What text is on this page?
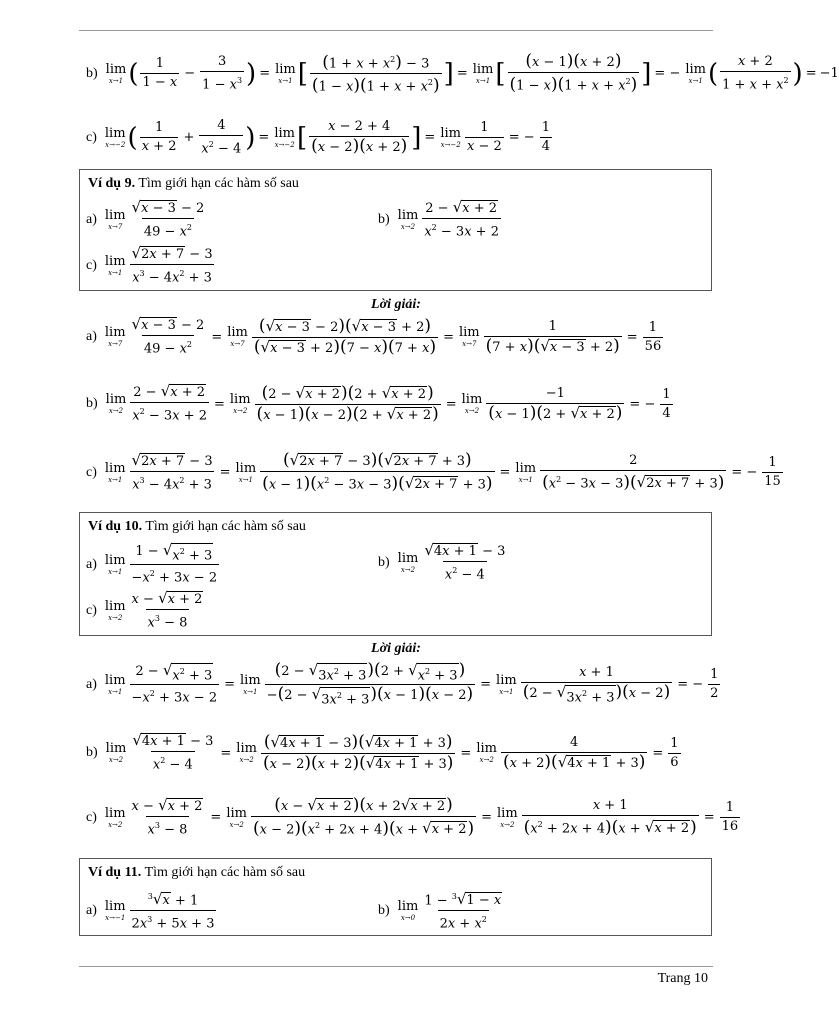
b) lim
x→1 ( 1
1 − x
− $\frac{3}{1 - x^3}$ ) = lim
x→1 [ $(1 + x + x^2) - 3$
$(1 - x)(1 + x + x^2)$ ] = lim
x→1 [ (x − 1)(x + 2)
$(1 - x)(1 + x + x^2)$ ] = − lim
x→1 ( x + 2
$1 + x + x^2$ ) = −1
c) lim
x→−2 ( 1
x + 2
+ $\frac{4}{x^2 - 4}$ ) = lim
x→−2 [ x − 2 + 4
(x − 2)(x + 2) ] = lim
$x\to-2 \frac{1}{x - 2}$ = − $\frac{1}{4}$
Ví dụ 9. Tìm giới hạn các hàm số sau
a) lim
x→7
√ x − 3 − 2
$49 - x^2$
b) lim
x→2
2 − √ x + 2
$x^2 - 3x + 2$
c) lim
x→1
√ 2x + 7 − 3
$x^3 - 4x^2 + 3$
Lời giải:
a) lim
$x\to 7 \frac{√ x - 3 - 2}{49 - x^2} = \lim$
$x\to 7 \frac{( √ x - 3 - 2)( √ x - 3 + 2)}{( √ x - 3 + 2)(7 - x)(7 + x)} = \lim$
$x\to 7 \frac{1}{(7 + x)( √ x - 3 + 2)} = \frac{1}{56}$
b) lim
$x\to 2 \frac{2 - √ x + 2}{x^2 - 3x + 2} = \lim$
$x\to 2 \frac{(2 - √ x + 2 )(2 + √ x + 2 )}{(x - 1)(x - 2)(2 + √ x + 2 )} = \lim$
$x\to 2 \frac{-1}{(x - 1)(2 + √ x + 2 )}$ = − $\frac{1}{4}$
c) lim
$x\to 1 \frac{√ 2x + 7 - 3}{x^3 - 4x^2 + 3} = \lim$
$x\to 1 \frac{( √ 2x + 7 - 3)( √ 2x + 7 + 3)}{(x - 1)(x^2 - 3x - 3)( √ 2x + 7 + 3)} = \lim$
$x\to 1 \frac{2}{(x^2 - 3x - 3)( √ 2x + 7 + 3)}$ = − $\frac{1}{15}$
Ví dụ 10. Tìm giới hạn các hàm số sau
a) lim
x→1
1 − √ $x^2 + 3$
$-x^2 + 3x - 2$
b) lim
x→2
√ 4x + 1 − 3
$x^2 - 4$
c) lim
x→2
x − √ x + 2
$x^3 - 8$
Lời giải:
a) lim
$x\to 1 \frac{2 - √ x^2 + 3}{-x^2 + 3x - 2} = \lim$
$x\to 1 \frac{(2 - √ 3x^2 + 3 )(2 + √ x^2 + 3 )}{-(2 - √ 3x^2 + 3 )(x - 1)(x - 2)} = \lim$
$x\to 1 \frac{x + 1}{(2 - √ 3x^2 + 3 )(x - 2)}$ = − $\frac{1}{2}$
b) lim
$x\to 2 \frac{√ 4x + 1 - 3}{x^2 - 4} = \lim$
$x\to 2 \frac{( √ 4x + 1 - 3)( √ 4x + 1 + 3)}{(x - 2)(x + 2)( √ 4x + 1 + 3)} = \lim$
$x\to 2 \frac{4}{(x + 2)( √ 4x + 1 + 3)} = \frac{1}{6}$
c) lim
$x\to 2 \frac{x - √ x + 2}{x^3 - 8} = \lim$
$x\to 2 \frac{(x - √ x + 2 )(x + 2 √ x + 2 )}{(x - 2)(x^2 + 2x + 4)(x + √ x + 2 )} = \lim$
$x\to 2 \frac{x + 1}{(x^2 + 2x + 4)(x + √ x + 2 )} = \frac{1}{16}$
Ví dụ 11. Tìm giới hạn các hàm số sau
a) lim
x→−1
$^3$ √ x + 1
$2x^3 + 5x + 3$
b) lim
x→0
1 − $^3$ √ 1 − x
$2x + x^2$
Trang 10
